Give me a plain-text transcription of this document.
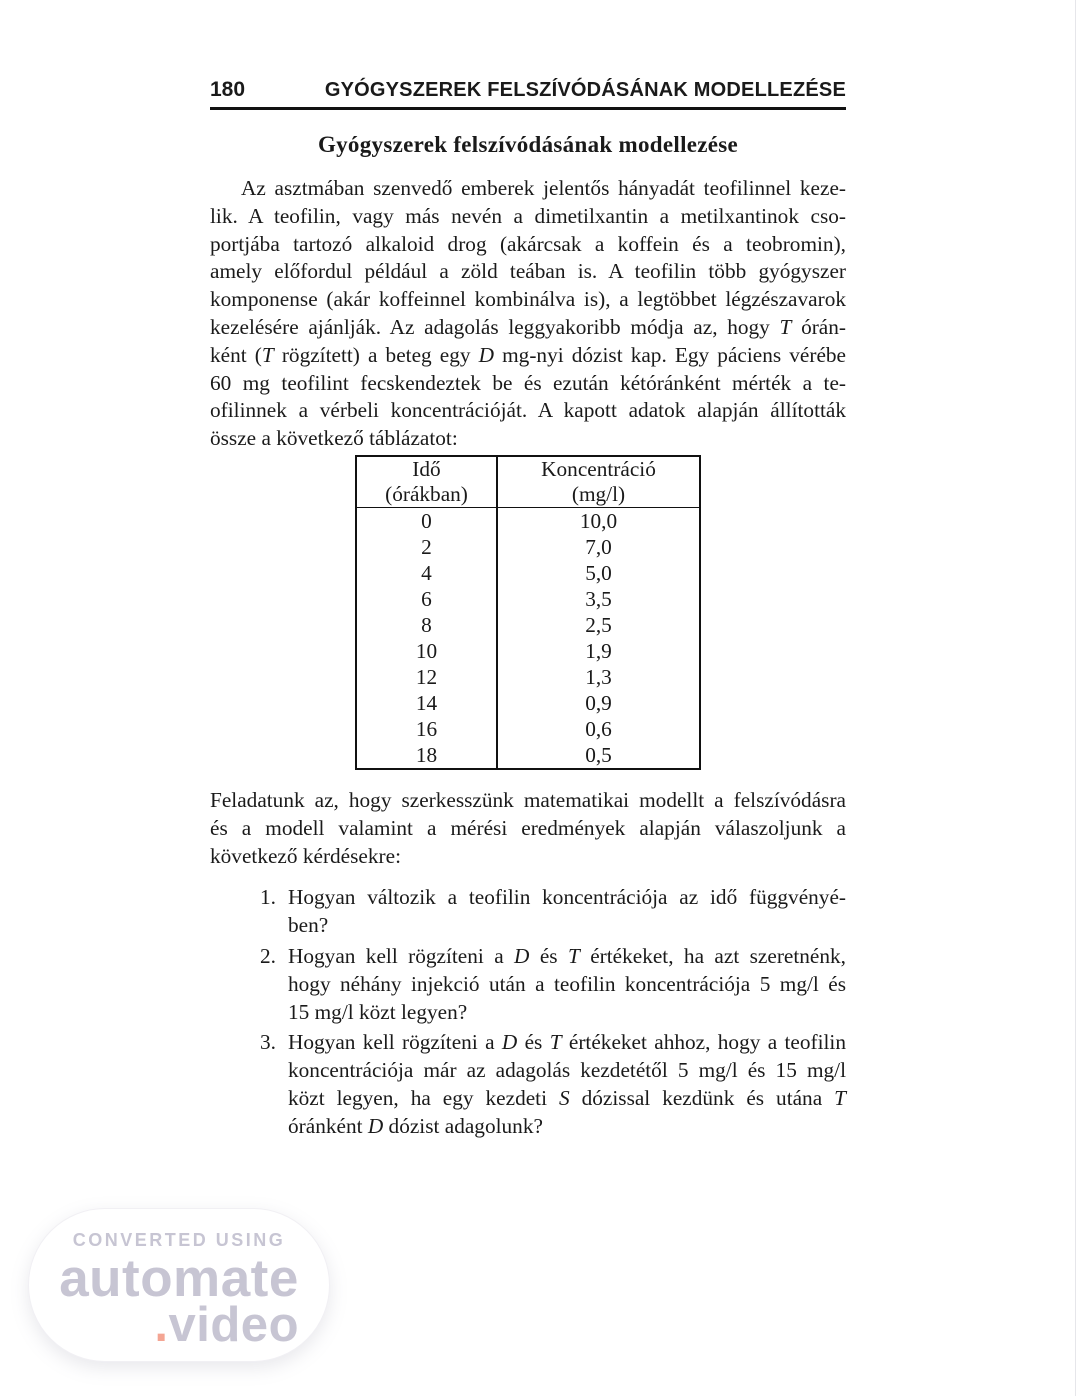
180	GYÓGYSZEREK FELSZÍVÓDÁSÁNAK MODELLEZÉSE
Gyógyszerek felszívódásának modellezése
Az asztmában szenvedő emberek jelentős hányadát teofilinnel keze-
lik. A teofilin, vagy más nevén a dimetilxantin a metilxantinok cso-
portjába tartozó alkaloid drog (akárcsak a koffein és a teobromin),
amely előfordul például a zöld teában is. A teofilin több gyógyszer
komponense (akár koffeinnel kombinálva is), a legtöbbet légzészavarok
kezelésére ajánlják. Az adagolás leggyakoribb módja az, hogy T órán-
ként (T rögzített) a beteg egy D mg-nyi dózist kap. Egy páciens vérébe
60 mg teofilint fecskendeztek be és ezután kétóránként mérték a te-
ofilinnek a vérbeli koncentrációját. A kapott adatok alapján állították
össze a következő táblázatot:
Idő (órákban)	Koncentráció (mg/l)
0	10,0
2	7,0
4	5,0
6	3,5
8	2,5
10	1,9
12	1,3
14	0,9
16	0,6
18	0,5
Feladatunk az, hogy szerkesszünk matematikai modellt a felszívódásra
és a modell valamint a mérési eredmények alapján válaszoljunk a
következő kérdésekre:
1. Hogyan változik a teofilin koncentrációja az idő függvényé-
ben?
2. Hogyan kell rögzíteni a D és T értékeket, ha azt szeretnénk,
hogy néhány injekció után a teofilin koncentrációja 5 mg/l és
15 mg/l közt legyen?
3. Hogyan kell rögzíteni a D és T értékeket ahhoz, hogy a teofilin
koncentrációja már az adagolás kezdetétől 5 mg/l és 15 mg/l
közt legyen, ha egy kezdeti S dózissal kezdünk és utána T
óránként D dózist adagolunk?
CONVERTED USING
automate
.video
